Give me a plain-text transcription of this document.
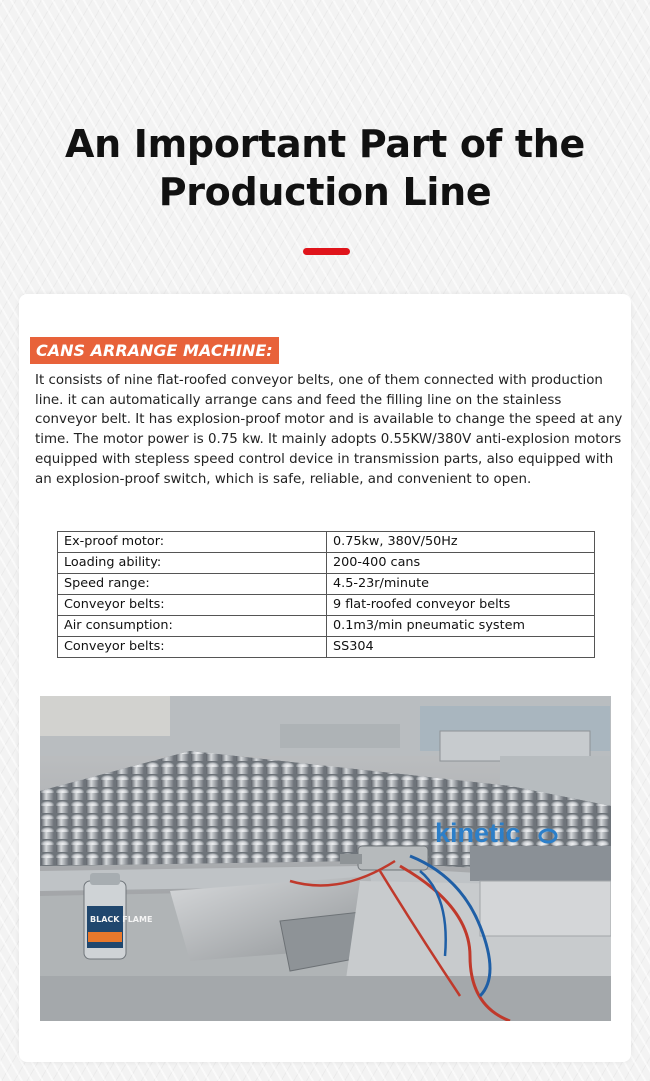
An Important Part of the
Production Line
CANS ARRANGE MACHINE:

It consists of nine flat-roofed conveyor belts, one of them connected with production line. it can automatically arrange cans and feed the filling line on the stainless conveyor belt. It has explosion-proof motor and is available to change the speed at any time. The motor power is 0.75 kw. It mainly adopts 0.55KW/380V anti-explosion motors equipped with stepless speed control device in transmission parts, also equipped with an explosion-proof switch, which is safe, reliable, and convenient to open.

Ex-proof motor:	0.75kw, 380V/50Hz
Loading ability:	200-400 cans
Speed range:	4.5-23r/minute
Conveyor belts:	9 flat-roofed conveyor belts
Air consumption:	0.1m3/min pneumatic system
Conveyor belts:	SS304
kinetic
BLACK FLAME
